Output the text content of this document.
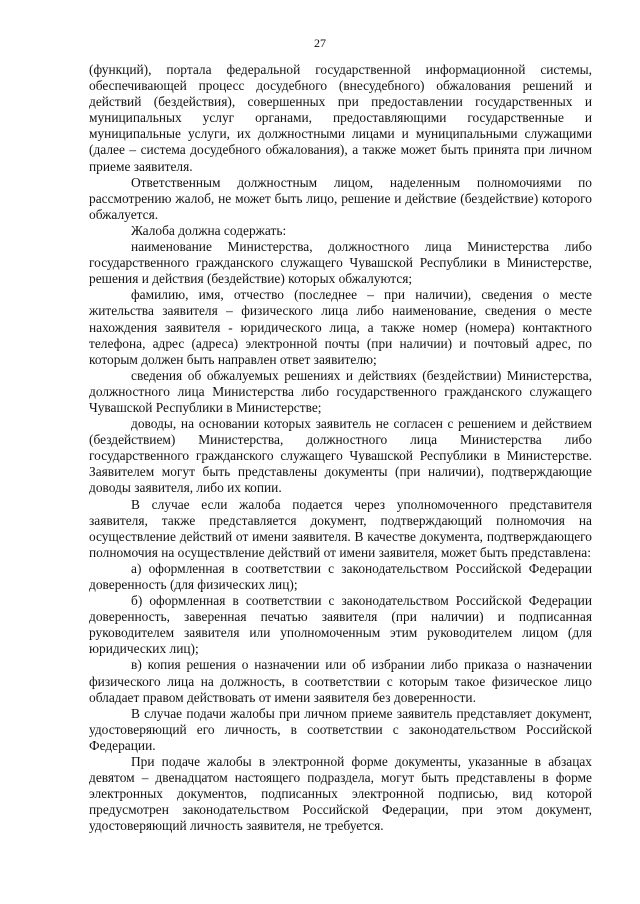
27

(функций), портала федеральной государственной информационной системы, обеспечивающей процесс досудебного (внесудебного) обжалования решений и действий (бездействия), совершенных при предоставлении государственных и муниципальных услуг органами, предоставляющими государственные и муниципальные услуги, их должностными лицами и муниципальными служащими (далее – система досудебного обжалования), а также может быть принята при личном приеме заявителя.

Ответственным должностным лицом, наделенным полномочиями по рассмотрению жалоб, не может быть лицо, решение и действие (бездействие) которого обжалуется.

Жалоба должна содержать:

наименование Министерства, должностного лица Министерства либо государственного гражданского служащего Чувашской Республики в Министерстве, решения и действия (бездействие) которых обжалуются;

фамилию, имя, отчество (последнее – при наличии), сведения о месте жительства заявителя – физического лица либо наименование, сведения о месте нахождения заявителя - юридического лица, а также номер (номера) контактного телефона, адрес (адреса) электронной почты (при наличии) и почтовый адрес, по которым должен быть направлен ответ заявителю;

сведения об обжалуемых решениях и действиях (бездействии) Министерства, должностного лица Министерства либо государственного гражданского служащего Чувашской Республики в Министерстве;

доводы, на основании которых заявитель не согласен с решением и действием (бездействием) Министерства, должностного лица Министерства либо государственного гражданского служащего Чувашской Республики в Министерстве. Заявителем могут быть представлены документы (при наличии), подтверждающие доводы заявителя, либо их копии.

В случае если жалоба подается через уполномоченного представителя заявителя, также представляется документ, подтверждающий полномочия на осуществление действий от имени заявителя. В качестве документа, подтверждающего полномочия на осуществление действий от имени заявителя, может быть представлена:

а) оформленная в соответствии с законодательством Российской Федерации доверенность (для физических лиц);

б) оформленная в соответствии с законодательством Российской Федерации доверенность, заверенная печатью заявителя (при наличии) и подписанная руководителем заявителя или уполномоченным этим руководителем лицом (для юридических лиц);

в) копия решения о назначении или об избрании либо приказа о назначении физического лица на должность, в соответствии с которым такое физическое лицо обладает правом действовать от имени заявителя без доверенности.

В случае подачи жалобы при личном приеме заявитель представляет документ, удостоверяющий его личность, в соответствии с законодательством Российской Федерации.

При подаче жалобы в электронной форме документы, указанные в абзацах девятом – двенадцатом настоящего подраздела, могут быть представлены в форме электронных документов, подписанных электронной подписью, вид которой предусмотрен законодательством Российской Федерации, при этом документ, удостоверяющий личность заявителя, не требуется.
